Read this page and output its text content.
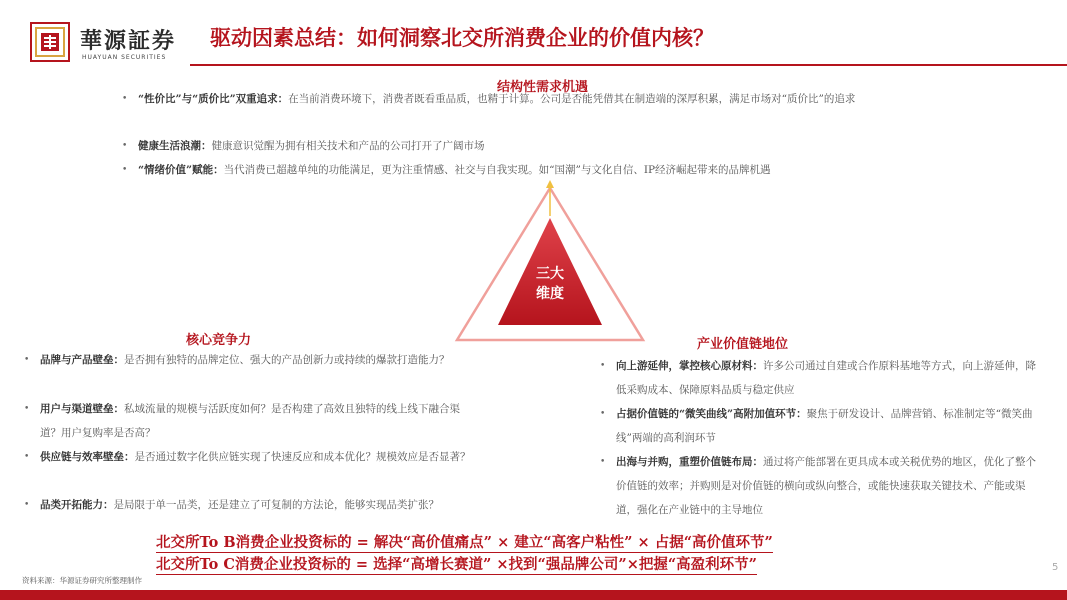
華源証券
HUAYUAN SECURITIES
驱动因素总结：如何洞察北交所消费企业的价值内核？
结构性需求机遇
•	“性价比”与“质价比”双重追求：在当前消费环境下，消费者既看重品质，也精于计算。公司是否能凭借其在制造端的深厚积累，满足市场对“质价比”的追求
•	健康生活浪潮：健康意识觉醒为拥有相关技术和产品的公司打开了广阔市场
•	“情绪价值”赋能：当代消费已超越单纯的功能满足，更为注重情感、社交与自我实现。如“国潮”与文化自信、IP经济崛起带来的品牌机遇
三大
维度
核心竞争力
•	品牌与产品壁垒：是否拥有独特的品牌定位、强大的产品创新力或持续的爆款打造能力？
•	用户与渠道壁垒：私域流量的规模与活跃度如何？是否构建了高效且独特的线上线下融合渠道？用户复购率是否高？
•	供应链与效率壁垒：是否通过数字化供应链实现了快速反应和成本优化？规模效应是否显著？
•	品类开拓能力：是局限于单一品类，还是建立了可复制的方法论，能够实现品类扩张？
产业价值链地位
•	向上游延伸，掌控核心原材料：许多公司通过自建或合作原料基地等方式，向上游延伸，降低采购成本、保障原料品质与稳定供应
•	占据价值链的“微笑曲线”高附加值环节：聚焦于研发设计、品牌营销、标准制定等“微笑曲线”两端的高利润环节
•	出海与并购，重塑价值链布局：通过将产能部署在更具成本或关税优势的地区，优化了整个价值链的效率；并购则是对价值链的横向或纵向整合，或能快速获取关键技术、产能或渠道，强化在产业链中的主导地位
北交所To B消费企业投资标的 = 解决“高价值痛点” × 建立“高客户粘性” × 占据“高价值环节”
北交所To C消费企业投资标的 = 选择“高增长赛道” ×找到“强品牌公司”×把握“高盈利环节”
资料来源：华源证券研究所整理制作
5
